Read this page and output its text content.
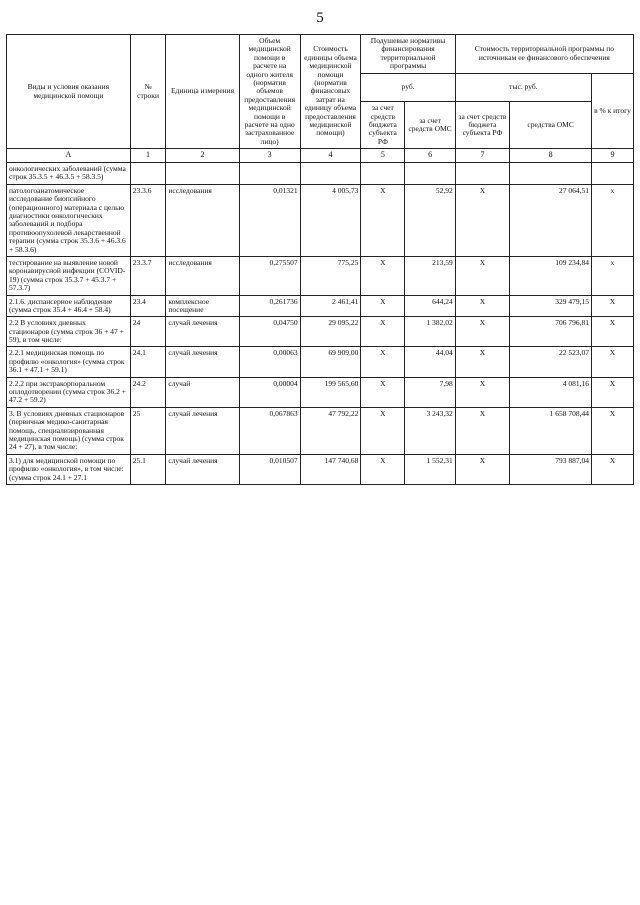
5
Виды и условия оказания медицинской помощи	№ строки	Единица измерения	Объем медицинской помощи в расчете на одного жителя (норматив объемов предоставления медицинской помощи в расчете на одно застрахованное лицо)	Стоимость единицы объема медицинской помощи (норматив финансовых затрат на единицу объема предоставления медицинской помощи)	Подушевые нормативы финансирования территориальной программы		Стоимость территориальной программы по источникам ее финансового обеспечения		
					руб.		тыс. руб.		в % к итогу
					за счет средств бюджета субъекта РФ	за счет средств ОМС	за счет средств бюджета субъекта РФ	средства ОМС	
А	1	2	3	4	5	6	7	8	9
онкологических заболеваний (сумма строк 35.3.5 + 46.3.5 + 58.3.5)									
патологоанатомическое исследование биопсийного (операционного) материала с целью диагностики онкологических заболеваний и подбора противоопухолевой лекарственной терапии (сумма строк 35.3.6 + 46.3.6 + 58.3.6)	23.3.6	исследования	0,01321	4 005,73	X	52,92	X	27 064,51	x
тестирование на выявление новой коронавирусной инфекции (COVID-19) (сумма строк 35.3.7 + 45.3.7 + 57.3.7)	23.3.7	исследования	0,275507	775,25	X	213,59	X	109 234,84	x
2.1.6. диспансерное наблюдение (сумма строк 35.4 + 46.4 + 58.4)	23.4	комплексное посещение	0,261736	2 461,41	X	644,24	X	329 479,15	X
2.2 В условиях дневных стационаров (сумма строк 36 + 47 + 59), в том числе:	24	случай лечения	0,04750	29 095,22	X	1 382,02	X	706 796,81	X
2.2.1 медицинская помощь по профилю «онкология» (сумма строк 36.1 + 47.1 + 59.1)	24.1	случай лечения	0,00063	69 909,00	X	44,04	X	22 523,07	X
2.2.2 при экстракорпоральном оплодотворении (сумма строк 36.2 + 47.2 + 59.2)	24.2	случай	0,00004	199 565,60	X	7,98	X	4 081,16	X
3. В условиях дневных стационаров (первичная медико-санитарная помощь, специализированная медицинская помощь) (сумма строк 24 + 27), в том числе:	25	случай лечения	0,067863	47 792,22	X	3 243,32	X	1 658 708,44	X
3.1) для медицинской помощи по профилю «онкология», в том числе: (сумма строк 24.1 + 27.1	25.1	случай лечения	0,010507	147 740,68	X	1 552,31	X	793 887,04	X
